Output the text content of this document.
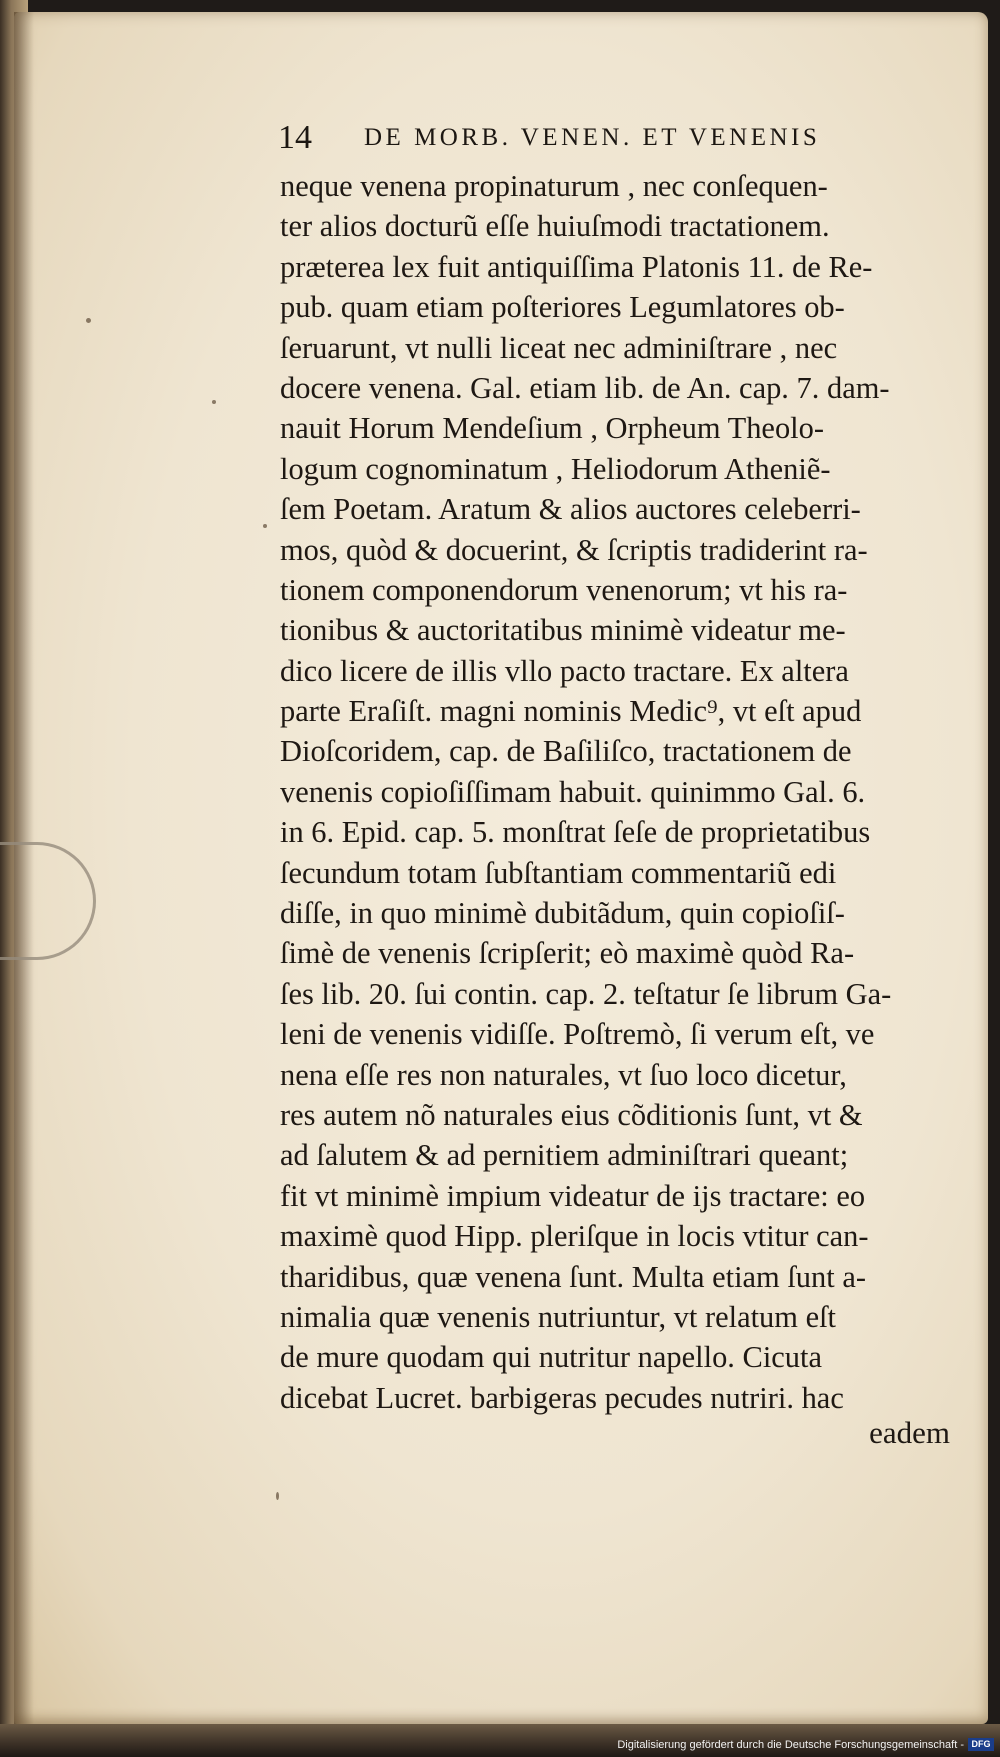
14 DE MORB. VENEN. ET VENENIS
neque venena propinaturum , nec conſequen-
ter alios docturũ eſſe huiuſmodi tractationem.
præterea lex fuit antiquiſſima Platonis 11. de Re-
pub. quam etiam poſteriores Legumlatores ob-
ſeruarunt, vt nulli liceat nec adminiſtrare , nec
docere venena. Gal. etiam lib. de An. cap. 7. dam-
nauit Horum Mendeſium , Orpheum Theolo-
logum cognominatum , Heliodorum Atheniẽ-
ſem Poetam. Aratum & alios auctores celeberri-
mos, quòd & docuerint, & ſcriptis tradiderint ra-
tionem componendorum venenorum; vt his ra-
tionibus & auctoritatibus minimè videatur me-
dico licere de illis vllo pacto tractare. Ex altera
parte Eraſiſt. magni nominis Medic⁹, vt eſt apud
Dioſcoridem, cap. de Baſiliſco, tractationem de
venenis copioſiſſimam habuit. quinimmo Gal. 6.
in 6. Epid. cap. 5. monſtrat ſeſe de proprietatibus
ſecundum totam ſubſtantiam commentariũ edi
diſſe, in quo minimè dubitãdum, quin copioſiſ-
ſimè de venenis ſcripſerit; eò maximè quòd Ra-
ſes lib. 20. ſui contin. cap. 2. teſtatur ſe librum Ga-
leni de venenis vidiſſe. Poſtremò, ſi verum eſt, ve
nena eſſe res non naturales, vt ſuo loco dicetur,
res autem nõ naturales eius cõditionis ſunt, vt &
ad ſalutem & ad pernitiem adminiſtrari queant;
fit vt minimè impium videatur de ijs tractare: eo
maximè quod Hipp. pleriſque in locis vtitur can-
tharidibus, quæ venena ſunt. Multa etiam ſunt a-
nimalia quæ venenis nutriuntur, vt relatum eſt
de mure quodam qui nutritur napello. Cicuta
dicebat Lucret. barbigeras pecudes nutriri. hac
eadem
Digitalisierung gefördert durch die Deutsche Forschungsgemeinschaft - DFG
